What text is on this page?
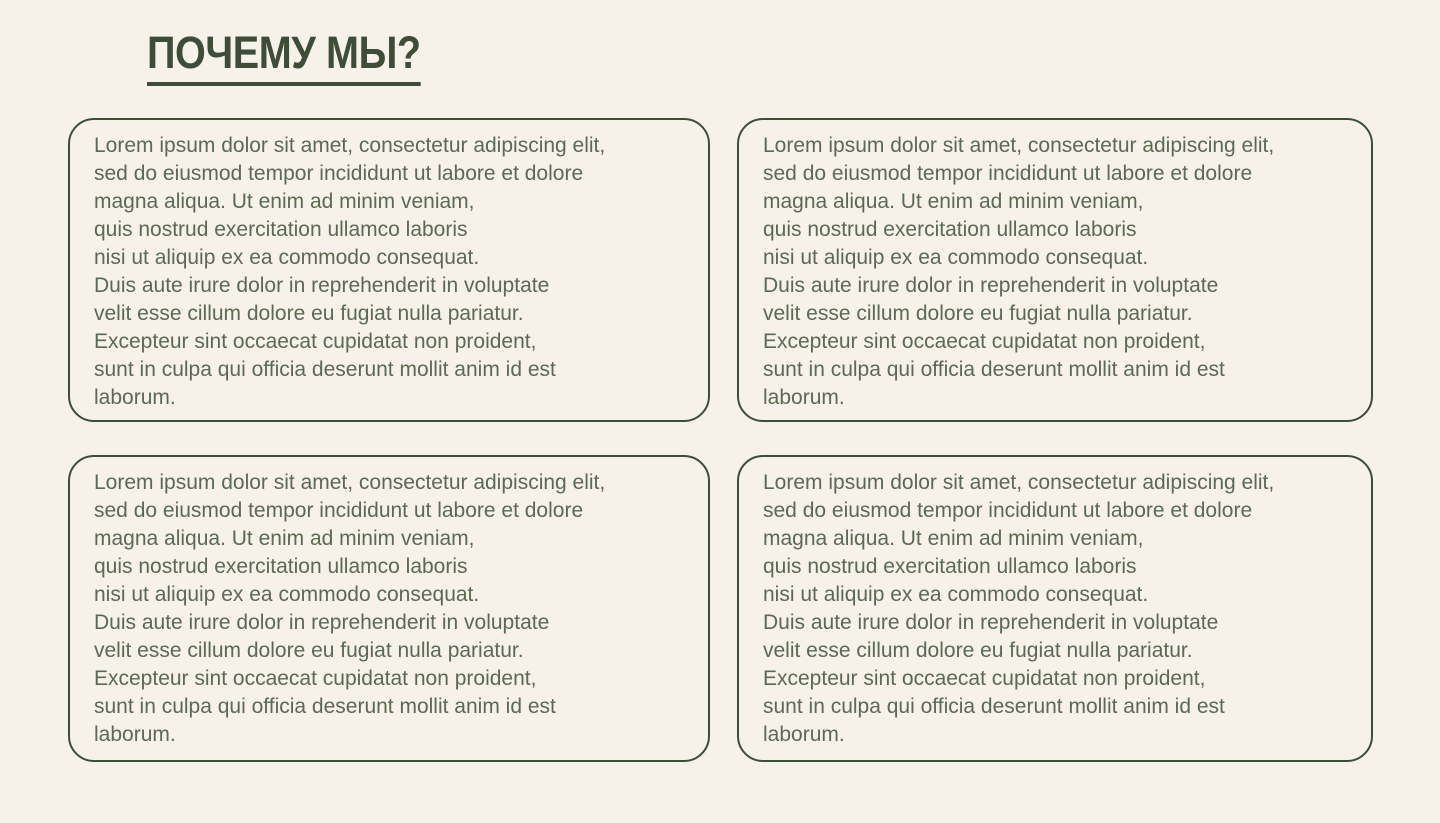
ПОЧЕМУ МЫ?
Lorem ipsum dolor sit amet, consectetur adipiscing elit,
sed do eiusmod tempor incididunt ut labore et dolore
magna aliqua. Ut enim ad minim veniam,
quis nostrud exercitation ullamco laboris
nisi ut aliquip ex ea commodo consequat.
Duis aute irure dolor in reprehenderit in voluptate
velit esse cillum dolore eu fugiat nulla pariatur.
Excepteur sint occaecat cupidatat non proident,
sunt in culpa qui officia deserunt mollit anim id est
laborum.
Lorem ipsum dolor sit amet, consectetur adipiscing elit,
sed do eiusmod tempor incididunt ut labore et dolore
magna aliqua. Ut enim ad minim veniam,
quis nostrud exercitation ullamco laboris
nisi ut aliquip ex ea commodo consequat.
Duis aute irure dolor in reprehenderit in voluptate
velit esse cillum dolore eu fugiat nulla pariatur.
Excepteur sint occaecat cupidatat non proident,
sunt in culpa qui officia deserunt mollit anim id est
laborum.
Lorem ipsum dolor sit amet, consectetur adipiscing elit,
sed do eiusmod tempor incididunt ut labore et dolore
magna aliqua. Ut enim ad minim veniam,
quis nostrud exercitation ullamco laboris
nisi ut aliquip ex ea commodo consequat.
Duis aute irure dolor in reprehenderit in voluptate
velit esse cillum dolore eu fugiat nulla pariatur.
Excepteur sint occaecat cupidatat non proident,
sunt in culpa qui officia deserunt mollit anim id est
laborum.
Lorem ipsum dolor sit amet, consectetur adipiscing elit,
sed do eiusmod tempor incididunt ut labore et dolore
magna aliqua. Ut enim ad minim veniam,
quis nostrud exercitation ullamco laboris
nisi ut aliquip ex ea commodo consequat.
Duis aute irure dolor in reprehenderit in voluptate
velit esse cillum dolore eu fugiat nulla pariatur.
Excepteur sint occaecat cupidatat non proident,
sunt in culpa qui officia deserunt mollit anim id est
laborum.
